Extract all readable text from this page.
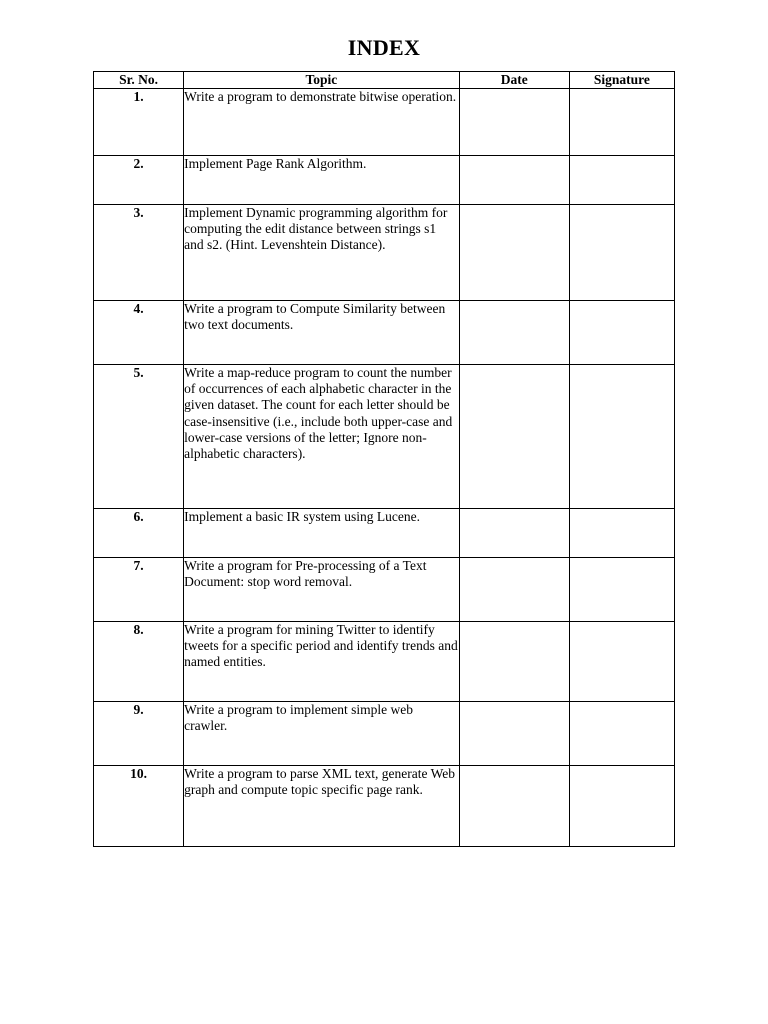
INDEX
Sr. No.	Topic	Date	Signature
1.	Write a program to demonstrate bitwise operation.		
2.	Implement Page Rank Algorithm.		
3.	Implement Dynamic programming algorithm for computing the edit distance between strings s1 and s2. (Hint. Levenshtein Distance).		
4.	Write a program to Compute Similarity between two text documents.		
5.	Write a map-reduce program to count the number of occurrences of each alphabetic character in the given dataset. The count for each letter should be case-insensitive (i.e., include both upper-case and lower-case versions of the letter; Ignore non-alphabetic characters).		
6.	Implement a basic IR system using Lucene.		
7.	Write a program for Pre-processing of a Text Document: stop word removal.		
8.	Write a program for mining Twitter to identify tweets for a specific period and identify trends and named entities.		
9.	Write a program to implement simple web crawler.		
10.	Write a program to parse XML text, generate Web graph and compute topic specific page rank.		
